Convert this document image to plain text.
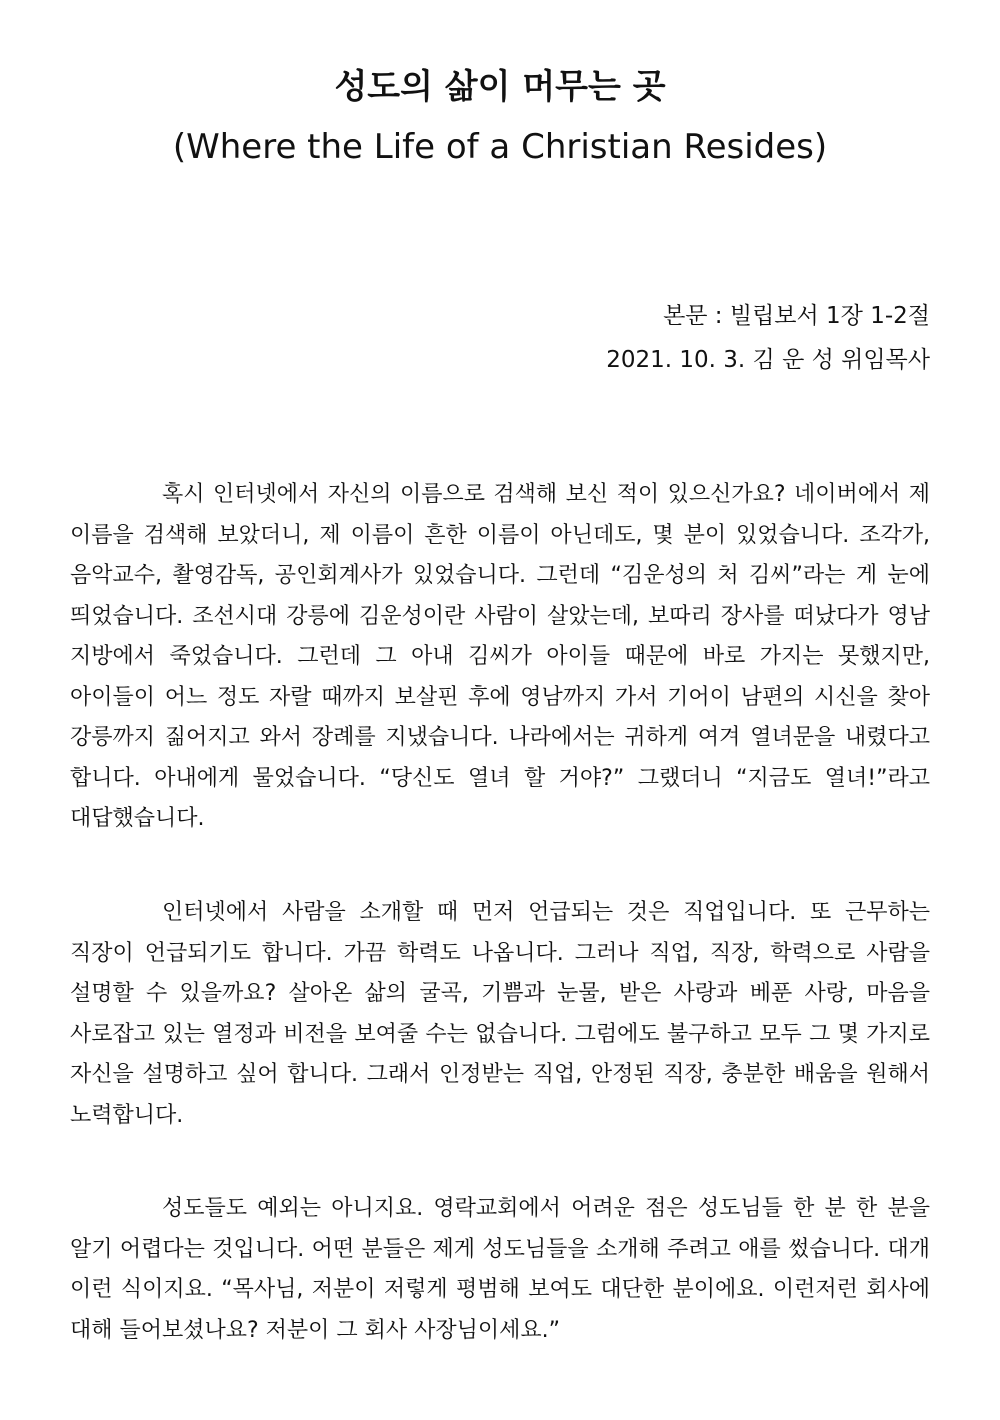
성도의 삶이 머무는 곳
(Where the Life of a Christian Resides)

본문 : 빌립보서 1장 1-2절

2021. 10. 3. 김 운 성 위임목사

혹시 인터넷에서 자신의 이름으로 검색해 보신 적이 있으신가요? 네이버에서 제 이름을 검색해 보았더니, 제 이름이 흔한 이름이 아닌데도, 몇 분이 있었습니다. 조각가, 음악교수, 촬영감독, 공인회계사가 있었습니다. 그런데 “김운성의 처 김씨”라는 게 눈에 띄었습니다. 조선시대 강릉에 김운성이란 사람이 살았는데, 보따리 장사를 떠났다가 영남 지방에서 죽었습니다. 그런데 그 아내 김씨가 아이들 때문에 바로 가지는 못했지만, 아이들이 어느 정도 자랄 때까지 보살핀 후에 영남까지 가서 기어이 남편의 시신을 찾아 강릉까지 짊어지고 와서 장례를 지냈습니다. 나라에서는 귀하게 여겨 열녀문을 내렸다고 합니다. 아내에게 물었습니다. “당신도 열녀 할 거야?” 그랬더니 “지금도 열녀!”라고 대답했습니다.

인터넷에서 사람을 소개할 때 먼저 언급되는 것은 직업입니다. 또 근무하는 직장이 언급되기도 합니다. 가끔 학력도 나옵니다. 그러나 직업, 직장, 학력으로 사람을 설명할 수 있을까요? 살아온 삶의 굴곡, 기쁨과 눈물, 받은 사랑과 베푼 사랑, 마음을 사로잡고 있는 열정과 비전을 보여줄 수는 없습니다. 그럼에도 불구하고 모두 그 몇 가지로 자신을 설명하고 싶어 합니다. 그래서 인정받는 직업, 안정된 직장, 충분한 배움을 원해서 노력합니다.

성도들도 예외는 아니지요. 영락교회에서 어려운 점은 성도님들 한 분 한 분을 알기 어렵다는 것입니다. 어떤 분들은 제게 성도님들을 소개해 주려고 애를 썼습니다. 대개 이런 식이지요. “목사님, 저분이 저렇게 평범해 보여도 대단한 분이에요. 이런저런 회사에 대해 들어보셨나요? 저분이 그 회사 사장님이세요.”
